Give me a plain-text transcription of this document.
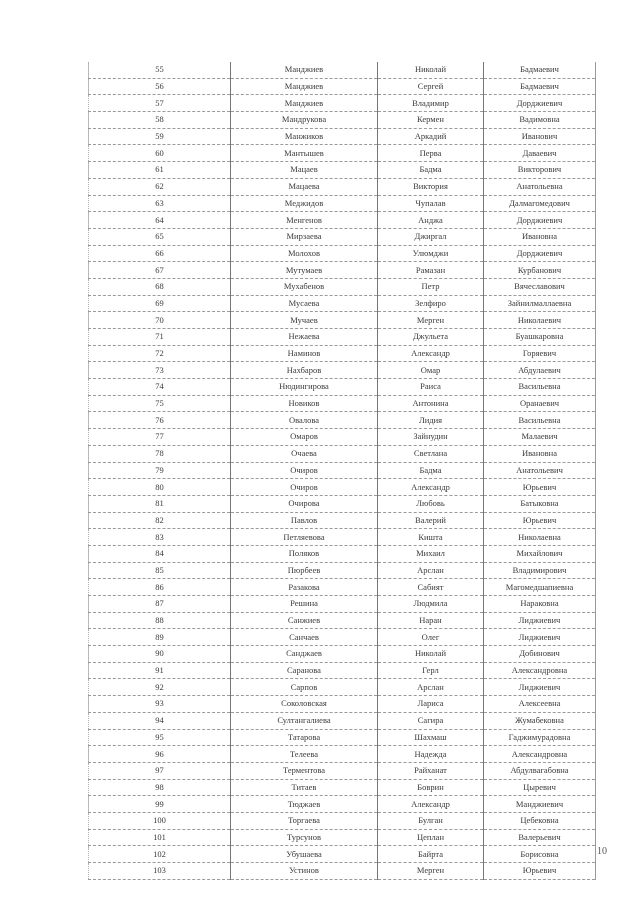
55	Манджиев	Николай	Бадмаевич
56	Манджиев	Сергей	Бадмаевич
57	Манджиев	Владимир	Дорджиевич
58	Мандрукова	Кермен	Вадимовна
59	Манжиков	Аркадий	Иванович
60	Мантышев	Перва	Даваевич
61	Мацаев	Бадма	Викторович
62	Мацаева	Виктория	Анатольевна
63	Меджидов	Чупалав	Далмагомедович
64	Менгенов	Анджа	Дорджиевич
65	Мирзаева	Джиргал	Ивановна
66	Молохов	Улюмджи	Дорджиевич
67	Мутумаев	Рамазан	Курбанович
68	Мухабенов	Петр	Вячеславович
69	Мусаева	Зелфиро	Зайнилмаллаевна
70	Мучаев	Мерген	Николаевич
71	Нежаева	Джульета	Буашкаровна
72	Наминов	Александр	Горяевич
73	Нахбаров	Омар	Абдулаевич
74	Нюдингирова	Раиса	Васильевна
75	Новиков	Антонина	Оранаевич
76	Овалова	Лидия	Васильевна
77	Омаров	Зайнудин	Малаевич
78	Очаева	Светлана	Ивановна
79	Очиров	Бадма	Анатольевич
80	Очиров	Александр	Юрьевич
81	Очирова	Любовь	Батыковна
82	Павлов	Валерий	Юрьевич
83	Петляевова	Кишта	Николаевна
84	Поляков	Михаил	Михайлович
85	Пюрбеев	Арслан	Владимирович
86	Разакова	Сабият	Магомедшапиевна
87	Решина	Людмила	Нараковна
88	Санжиев	Наран	Лиджиевич
89	Санчаев	Олег	Лиджиевич
90	Санджаев	Николай	Добинович
91	Саранова	Герл	Александровна
92	Сарпов	Арслан	Лиджиевич
93	Соколовская	Лариса	Алексеевна
94	Султангалиева	Сагира	Жумабековна
95	Татарова	Шахмаш	Гаджимурадовна
96	Телеева	Надежда	Александровна
97	Терментова	Райханат	Абдулвагабовна
98	Титаев	Боврин	Цыревич
99	Тюджаев	Александр	Манджиевич
100	Торгаева	Булган	Цебековна
101	Турсунов	Цеплан	Валерьевич
102	Убушаева	Байрта	Борисовна
103	Устинов	Мерген	Юрьевич
10
